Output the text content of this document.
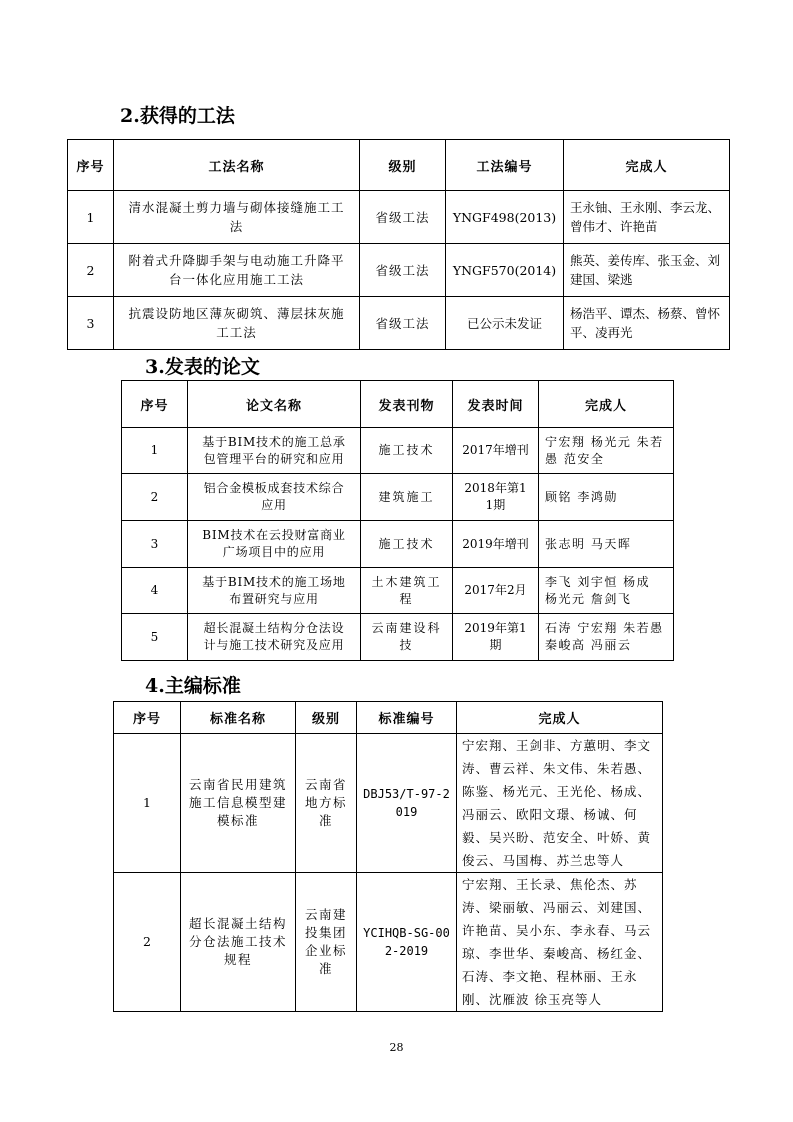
2.获得的工法
序号	工法名称	级别	工法编号	完成人
1	清水混凝土剪力墙与砌体接缝施工工法	省级工法	YNGF498(2013)	王永铀、王永刚、李云龙、曾伟才、许艳苗
2	附着式升降脚手架与电动施工升降平台一体化应用施工工法	省级工法	YNGF570(2014)	熊英、姜传库、张玉金、刘建国、梁逃
3	抗震设防地区薄灰砌筑、薄层抹灰施工工法	省级工法	已公示未发证	杨浩平、谭杰、杨蔡、曾怀平、凌再光
3.发表的论文
序号	论文名称	发表刊物	发表时间	完成人
1	基于BIM技术的施工总承包管理平台的研究和应用	施工技术	2017年增刊	宁宏翔 杨光元 朱若愚 范安全
2	铝合金模板成套技术综合应用	建筑施工	2018年第11期	顾铭 李鸿勋
3	BIM技术在云投财富商业广场项目中的应用	施工技术	2019年增刊	张志明 马天晖
4	基于BIM技术的施工场地布置研究与应用	土木建筑工程	2017年2月	李飞 刘宇恒 杨成 杨光元 詹剑飞
5	超长混凝土结构分仓法设计与施工技术研究及应用	云南建设科技	2019年第1期	石涛 宁宏翔 朱若愚 秦峻高 冯丽云
4.主编标准
序号	标准名称	级别	标准编号	完成人
1	云南省民用建筑施工信息模型建模标准	云南省地方标准	DBJ53/T-97-2019	宁宏翔、王剑非、方蕙明、李文涛、曹云祥、朱文伟、朱若愚、陈鉴、杨光元、王光伦、杨成、冯丽云、欧阳文璟、杨诚、何毅、吴兴盼、范安全、叶娇、黄俊云、马国梅、苏兰忠等人
2	超长混凝土结构分仓法施工技术规程	云南建投集团企业标准	YCIHQB-SG-002-2019	宁宏翔、王长录、焦伦杰、苏涛、梁丽敏、冯丽云、刘建国、许艳苗、吴小东、李永春、马云琼、李世华、秦峻高、杨红金、石涛、李文艳、程林丽、王永刚、沈雁波 徐玉亮等人
28
